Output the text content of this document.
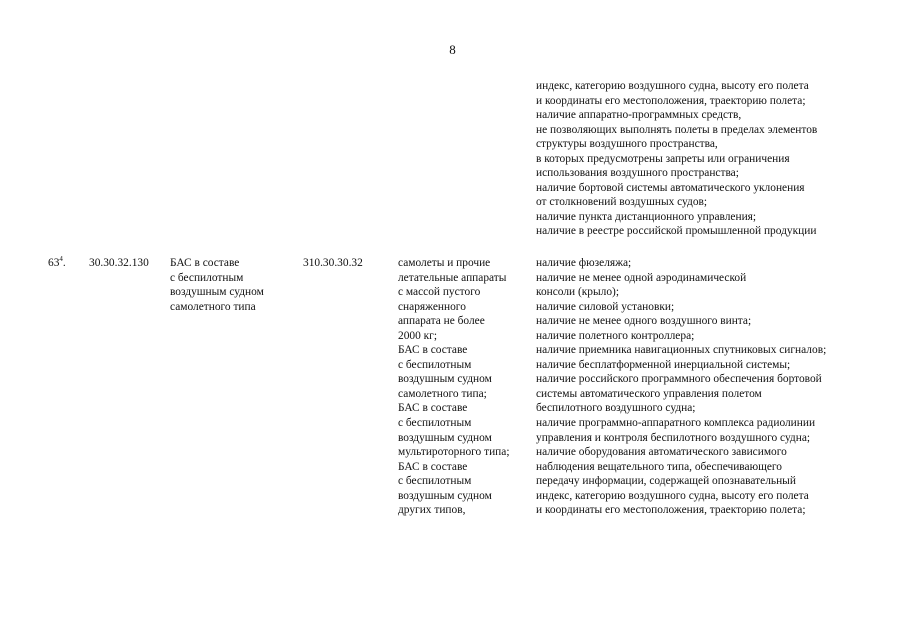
8
индекс, категорию воздушного судна, высоту его полета
и координаты его местоположения, траекторию полета;
наличие аппаратно-программных средств,
не позволяющих выполнять полеты в пределах элементов
структуры воздушного пространства,
в которых предусмотрены запреты или ограничения
использования воздушного пространства;
наличие бортовой системы автоматического уклонения
от столкновений воздушных судов;
наличие пункта дистанционного управления;
наличие в реестре российской промышленной продукции
$63^4$. 30.30.32.130 БАС в составе
с беспилотным
воздушным судном
самолетного типа
310.30.30.32	самолеты и прочие
летательные аппараты
с массой пустого
снаряженного
аппарата не более
2000 кг;
БАС в составе
с беспилотным
воздушным судном
самолетного типа;
БАС в составе
с беспилотным
воздушным судном
мультироторного типа;
БАС в составе
с беспилотным
воздушным судном
других типов,
наличие фюзеляжа;
наличие не менее одной аэродинамической
консоли (крыло);
наличие силовой установки;
наличие не менее одного воздушного винта;
наличие полетного контроллера;
наличие приемника навигационных спутниковых сигналов;
наличие бесплатформенной инерциальной системы;
наличие российского программного обеспечения бортовой
системы автоматического управления полетом
беспилотного воздушного судна;
наличие программно-аппаратного комплекса радиолинии
управления и контроля беспилотного воздушного судна;
наличие оборудования автоматического зависимого
наблюдения вещательного типа, обеспечивающего
передачу информации, содержащей опознавательный
индекс, категорию воздушного судна, высоту его полета
и координаты его местоположения, траекторию полета;
